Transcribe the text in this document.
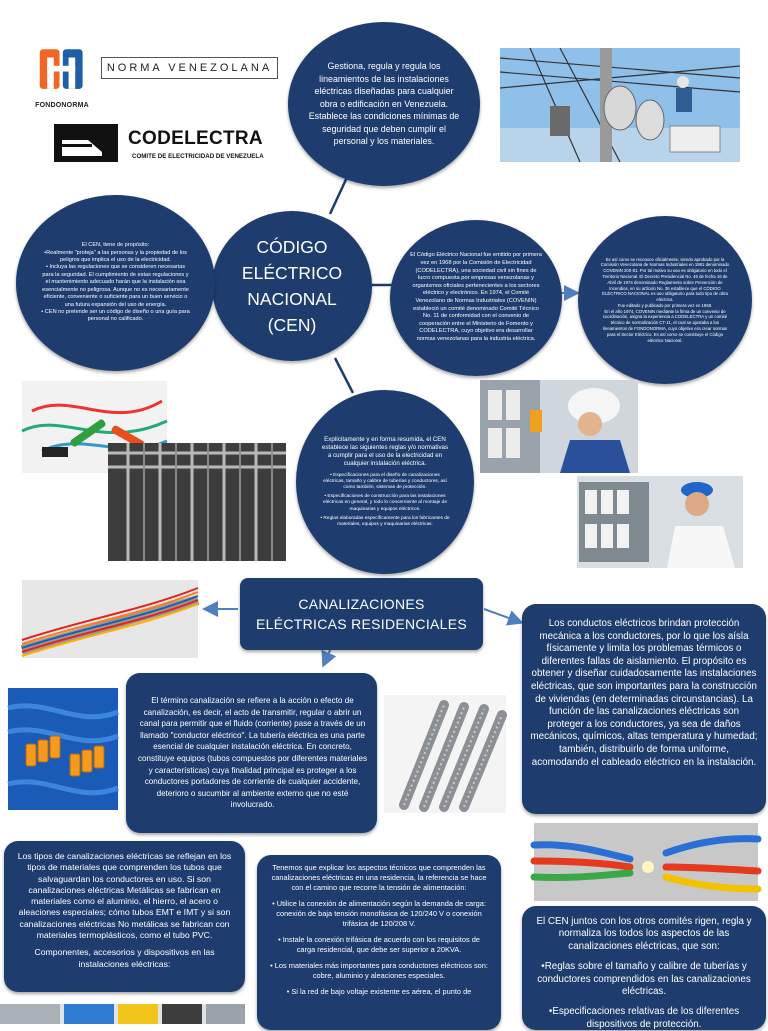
FONDONORMA
NORMA VENEZOLANA
CODELECTRA
COMITE DE ELECTRICIDAD DE VENEZUELA
Gestiona, regula y regula los lineamientos de las instalaciones eléctricas diseñadas para cualquier obra o edificación en Venezuela. Establece las condiciones mínimas de seguridad que deben cumplir el personal y los materiales.
CÓDIGO
ELÉCTRICO
NACIONAL
(CEN)
El CEN, tiene de propósito:
•Realmente "proteja" a las personas y la propiedad de los peligros que implica el uso de la electricidad.
• Incluya las regulaciones que se consideren necesarias para la seguridad. El cumplimiento de estas regulaciones y el mantenimiento adecuado harán que la instalación sea esencialmente no peligrosa. Aunque no es necesariamente eficiente, conveniente o suficiente para un buen servicio o una futura expansión del uso de energía.
• CEN no pretende ser un código de diseño o una guía para personal no calificado.
El Código Eléctrico Nacional fue emitido por primera vez en 1968 por la Comisión de Electricidad (CODELECTRA), una sociedad civil sin fines de lucro compuesta por empresas venezolanas y organismos oficiales pertenecientes a los sectores eléctrico y electrónico. En 1974, el Comité Venezolano de Normas Industriales (COVENIN) estableció un comité denominado Comité Técnico No. 11 de conformidad con el convenio de cooperación entre el Ministerio de Fomento y CODELECTRA, cuyo objetivo era desarrollar normas venezolanas para la industria eléctrica.
Es así como se reconoce oficialmente, siendo aprobado por la Comisión Venezolana de Normas Industriales en 1981 denominado COVENIN 200-81. Por tal motivo su uso es obligatorio en todo el Territorio Nacional. El Decreto Presidencial No. 46 de fecha 16 de Abril de 1974 denominado Reglamento sobre Prevención de Incendios, en su artículo No. 36 establece que el CÓDIGO ELÉCTRICO NACIONAL es uso obligatorio para todo tipo de obra eléctrica.
Fue editado y publicado por primera vez en 1968.
En el año 1974, COVENIN mediante la firma de un convenio de coordinación, asigna la experiencia a CODELECTRA y un comité técnico de normalización CT-11, el cual se ajustaba a los lineamientos de FONDONORMA, cuyo objetivo era crear normas para el Sector Eléctrico. Es así como se constituye el Código eléctrico Nacional.
Explícitamente y en forma resumida, el CEN establece las siguientes reglas y/o normativas a cumplir para el uso de la electricidad en cualquier instalación eléctrica.
• Especificaciones para el diseño de canalizaciones eléctricas, tamaño y calibre de tuberías y conductores, así como también, sistemas de protección.
• Especificaciones de construcción para las instalaciones eléctricas en general, y todo lo concerniente al montaje de maquinarias y equipos eléctricos.
• Reglas elaboradas específicamente para los fabricantes de materiales, equipos y maquinarias eléctricas.
CANALIZACIONES
ELÉCTRICAS RESIDENCIALES
El término canalización se refiere a la acción o efecto de canalización, es decir, el acto de transmitir, regular o abrir un canal para permitir que el fluido (corriente) pase a través de un llamado "conductor eléctrico". La tubería eléctrica es una parte esencial de cualquier instalación eléctrica. En concreto, constituye equipos (tubos compuestos por diferentes materiales y características) cuya finalidad principal es proteger a los conductores portadores de corriente de cualquier accidente, deterioro o sucumbir al ambiente externo que no esté involucrado.
Los conductos eléctricos brindan protección mecánica a los conductores, por lo que los aísla físicamente y limita los problemas térmicos o diferentes fallas de aislamiento. El propósito es obtener y diseñar cuidadosamente las instalaciones eléctricas, que son importantes para la construcción de viviendas (en determinadas circunstancias). La función de las canalizaciones eléctricas son proteger a los conductores, ya sea de daños mecánicos, químicos, altas temperatura y humedad; también, distribuirlo de forma uniforme, acomodando el cableado eléctrico en la instalación.
Los tipos de canalizaciones eléctricas se reflejan en los tipos de materiales que comprenden los tubos que salvaguardan los conductores en uso. Si son canalizaciones eléctricas Metálicas se fabrican en materiales como el aluminio, el hierro, el acero o aleaciones especiales; cómo tubos EMT e IMT y si son canalizaciones eléctricas No metálicas se fabrican con materiales termoplásticos, como el tubo PVC.
Componentes, accesorios y dispositivos en las instalaciones eléctricas:
Tenemos que explicar los aspectos técnicos que comprenden las canalizaciones eléctricas en una residencia, la referencia se hace con el camino que recorre la tensión de alimentación:
• Utilice la conexión de alimentación según la demanda de carga: conexión de baja tensión monofásica de 120/240 V o conexión trifásica de 120/208 V.
• Instale la conexión trifásica de acuerdo con los requisitos de carga residencial, que debe ser superior a 20KVA.
• Los materiales más importantes para conductores eléctricos son: cobre, aluminio y aleaciones especiales.
• Si la red de bajo voltaje existente es aérea, el punto de
El CEN juntos con los otros comités rigen, regla y normaliza los todos los aspectos de las canalizaciones eléctricas, que son:
•Reglas sobre el tamaño y calibre de tuberías y conductores comprendidos en las canalizaciones eléctricas.
•Especificaciones relativas de los diferentes dispositivos de protección.
